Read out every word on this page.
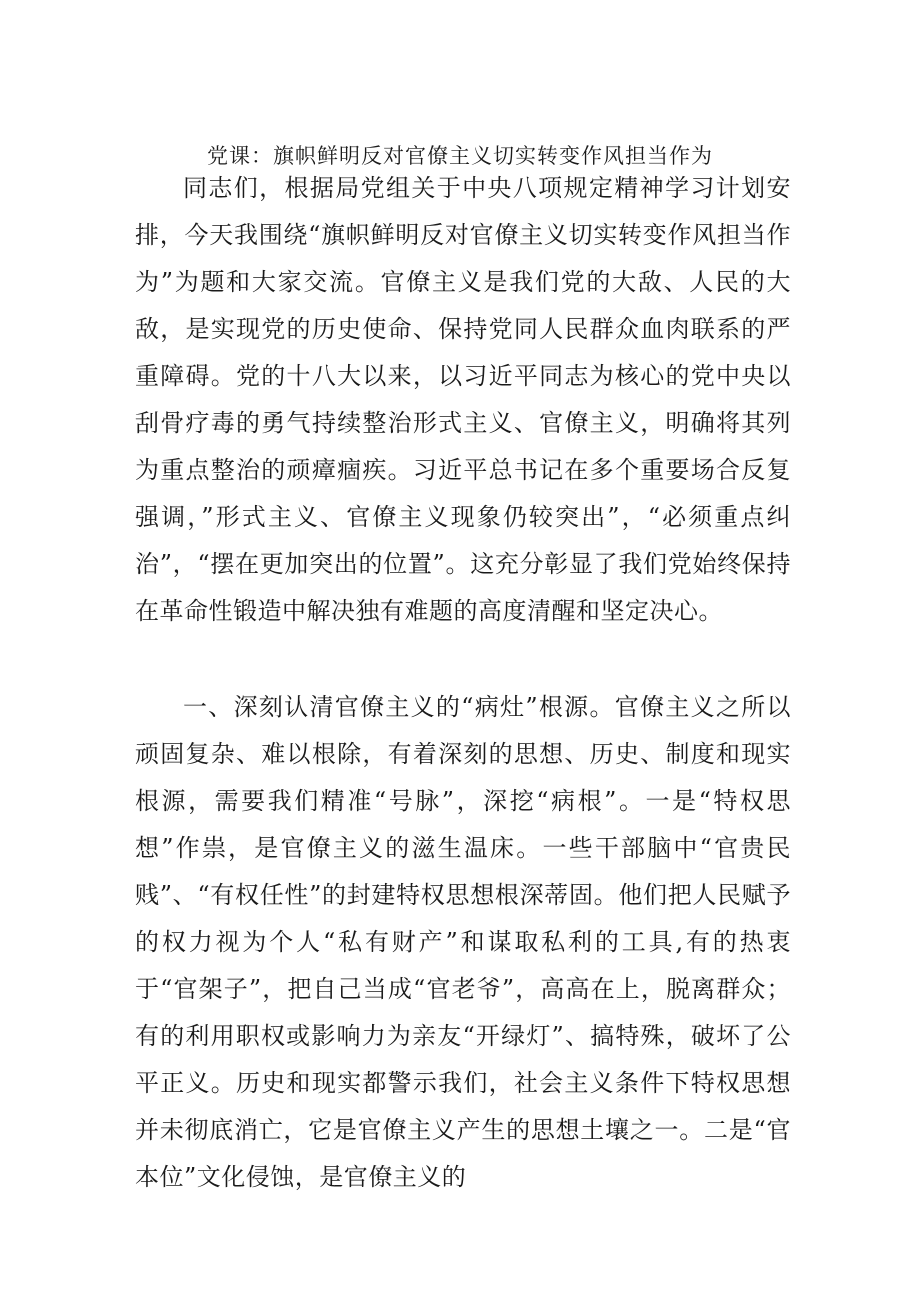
党课：旗帜鲜明反对官僚主义切实转变作风担当作为

同志们，根据局党组关于中央八项规定精神学习计划安排，今天我围绕“旗帜鲜明反对官僚主义切实转变作风担当作为”为题和大家交流。官僚主义是我们党的大敌、人民的大敌，是实现党的历史使命、保持党同人民群众血肉联系的严重障碍。党的十八大以来，以习近平同志为核心的党中央以刮骨疗毒的勇气持续整治形式主义、官僚主义，明确将其列为重点整治的顽瘴痼疾。习近平总书记在多个重要场合反复强调，”形式主义、官僚主义现象仍较突出”，“必须重点纠治”，“摆在更加突出的位置”。这充分彰显了我们党始终保持在革命性锻造中解决独有难题的高度清醒和坚定决心。

一、深刻认清官僚主义的“病灶”根源。官僚主义之所以顽固复杂、难以根除，有着深刻的思想、历史、制度和现实根源，需要我们精准“号脉”，深挖“病根”。一是“特权思想”作祟，是官僚主义的滋生温床。一些干部脑中“官贵民贱”、“有权任性”的封建特权思想根深蒂固。他们把人民赋予的权力视为个人“私有财产”和谋取私利的工具,有的热衷于“官架子”，把自己当成“官老爷”，高高在上，脱离群众；有的利用职权或影响力为亲友“开绿灯”、搞特殊，破坏了公平正义。历史和现实都警示我们，社会主义条件下特权思想并未彻底消亡，它是官僚主义产生的思想土壤之一。二是“官本位”文化侵蚀，是官僚主义的
